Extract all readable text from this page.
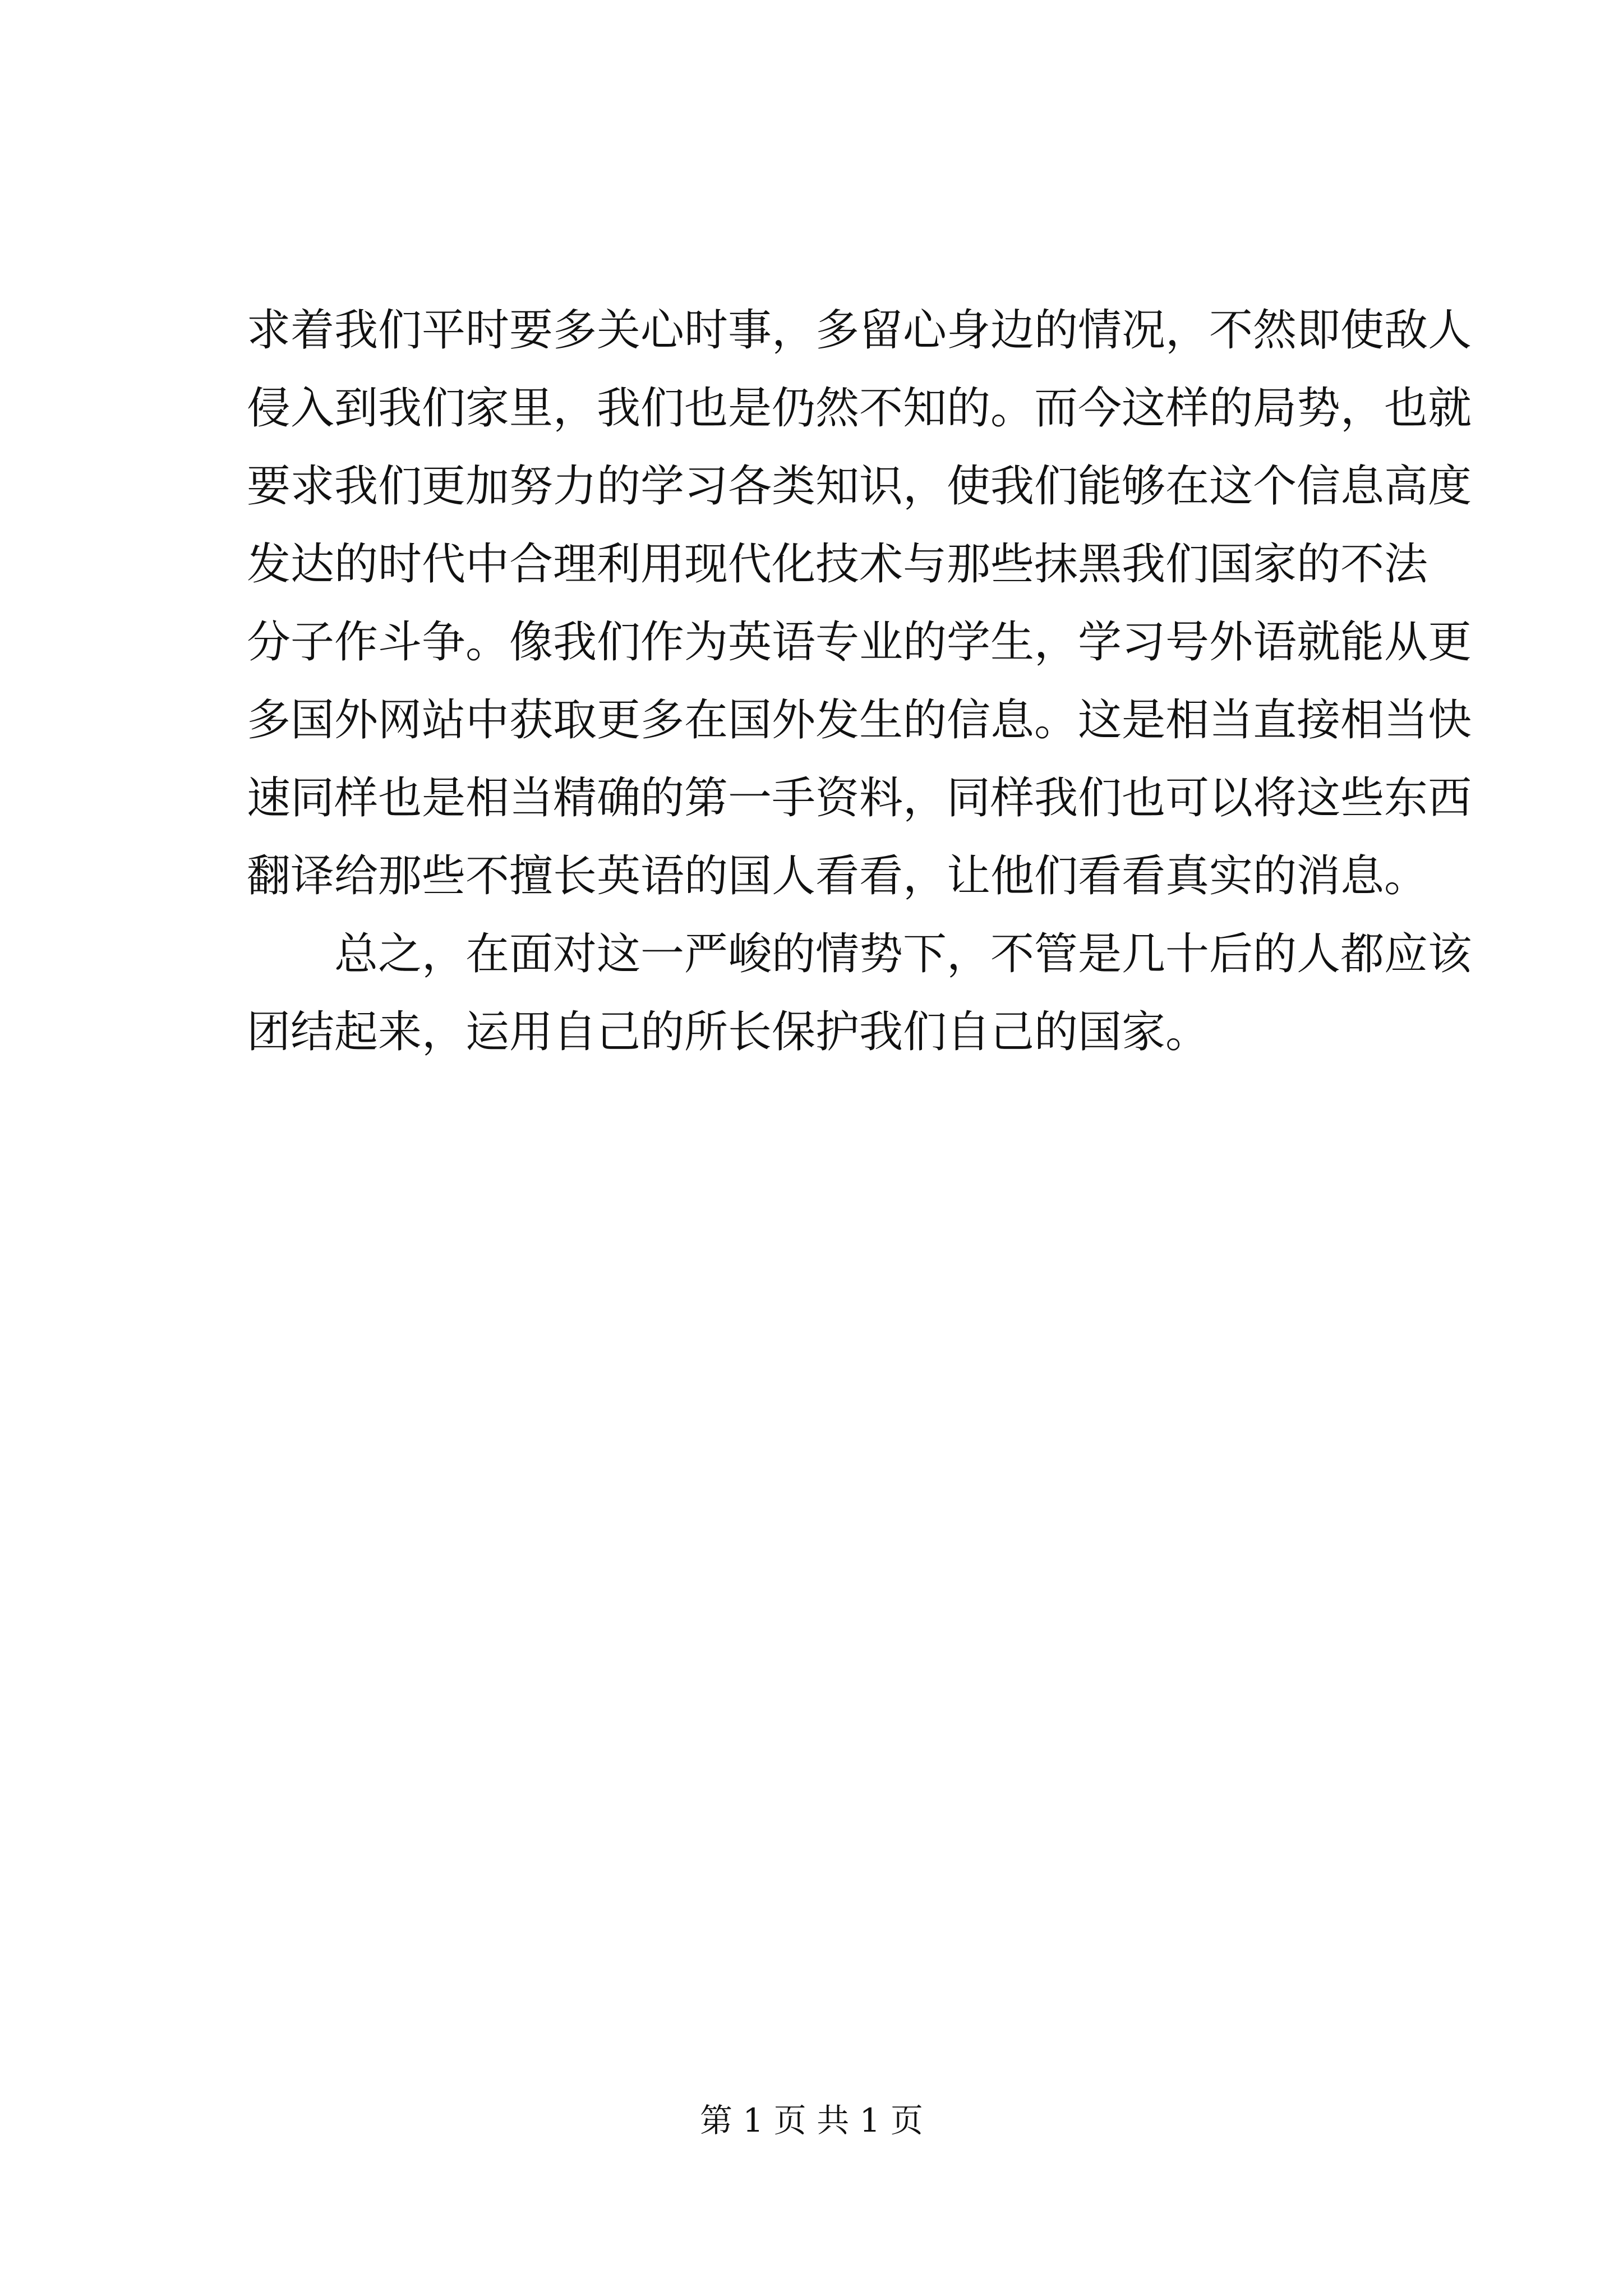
求着我们平时要多关心时事，多留心身边的情况，不然即使敌人
侵入到我们家里，我们也是仍然不知的。而今这样的局势，也就
要求我们更加努力的学习各类知识，使我们能够在这个信息高度
发达的时代中合理利用现代化技术与那些抹黑我们国家的不法
分子作斗争。像我们作为英语专业的学生，学习号外语就能从更
多国外网站中获取更多在国外发生的信息。这是相当直接相当快
速同样也是相当精确的第一手资料，同样我们也可以将这些东西
翻译给那些不擅长英语的国人看看，让他们看看真实的消息。
总之，在面对这一严峻的情势下，不管是几十后的人都应该
团结起来，运用自己的所长保护我们自己的国家。
第 1 页 共 1 页
